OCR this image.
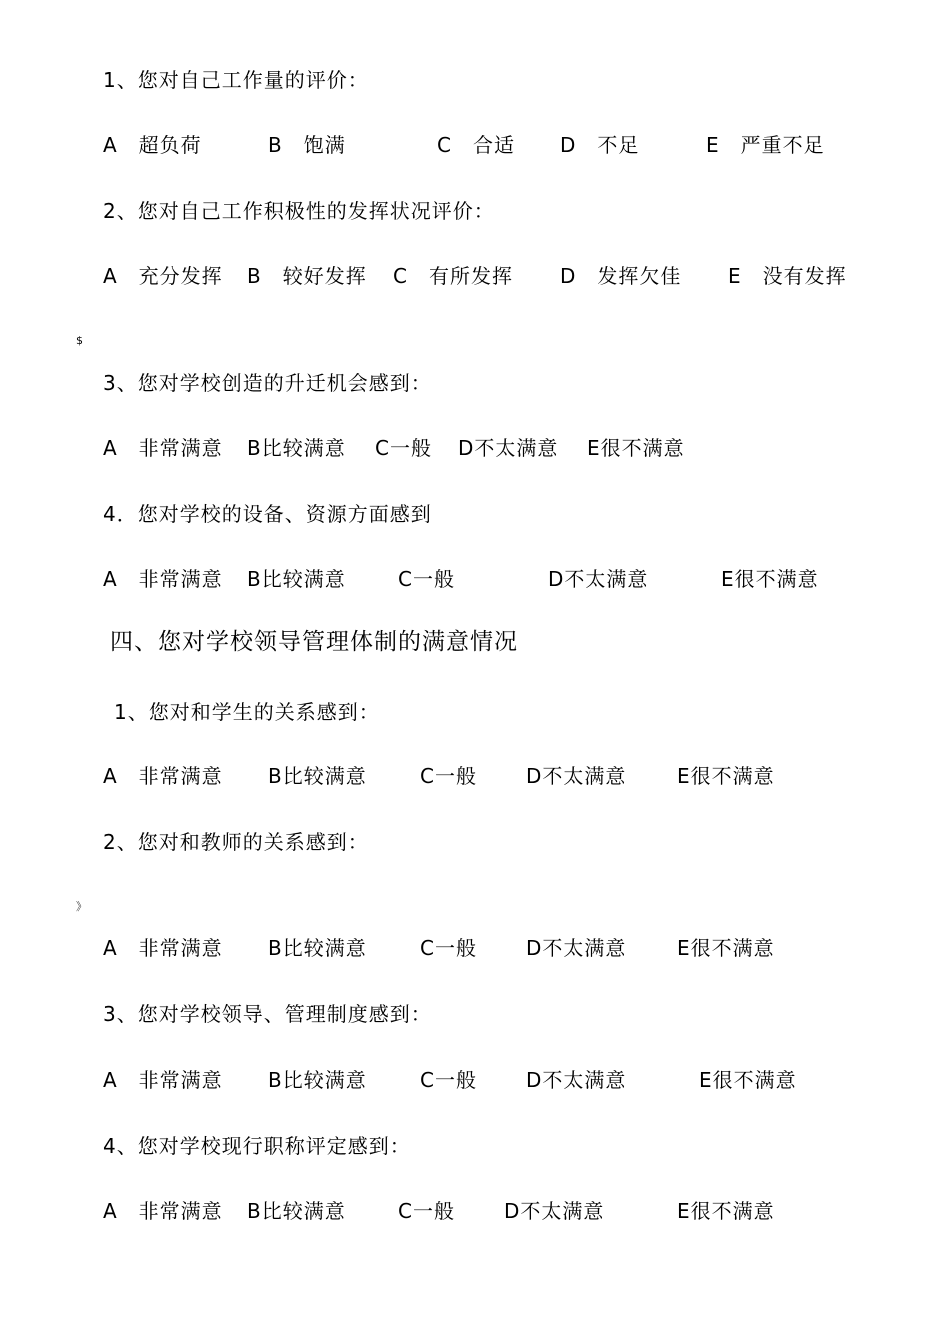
1、您对自己工作量的评价：
A　超负荷	B　饱满	C　合适 D　不足	E　严重不足
2、您对自己工作积极性的发挥状况评价：
A　充分发挥 B　较好发挥 C　有所发挥 D　发挥欠佳 E　没有发挥
$
3、您对学校创造的升迁机会感到：
A　非常满意 B比较满意 C一般 D不太满意 E很不满意
4．您对学校的设备、资源方面感到
A　非常满意 B比较满意	C一般	D不太满意	E很不满意
四、您对学校领导管理体制的满意情况
1、您对和学生的关系感到：
A　非常满意 B比较满意	C一般 D不太满意	E很不满意
2、您对和教师的关系感到：
》
A　非常满意 B比较满意	C一般 D不太满意	E很不满意
3、您对学校领导、管理制度感到：
A　非常满意 B比较满意	C一般 D不太满意	E很不满意
4、您对学校现行职称评定感到：
A　非常满意 B比较满意	C一般 D不太满意	E很不满意
